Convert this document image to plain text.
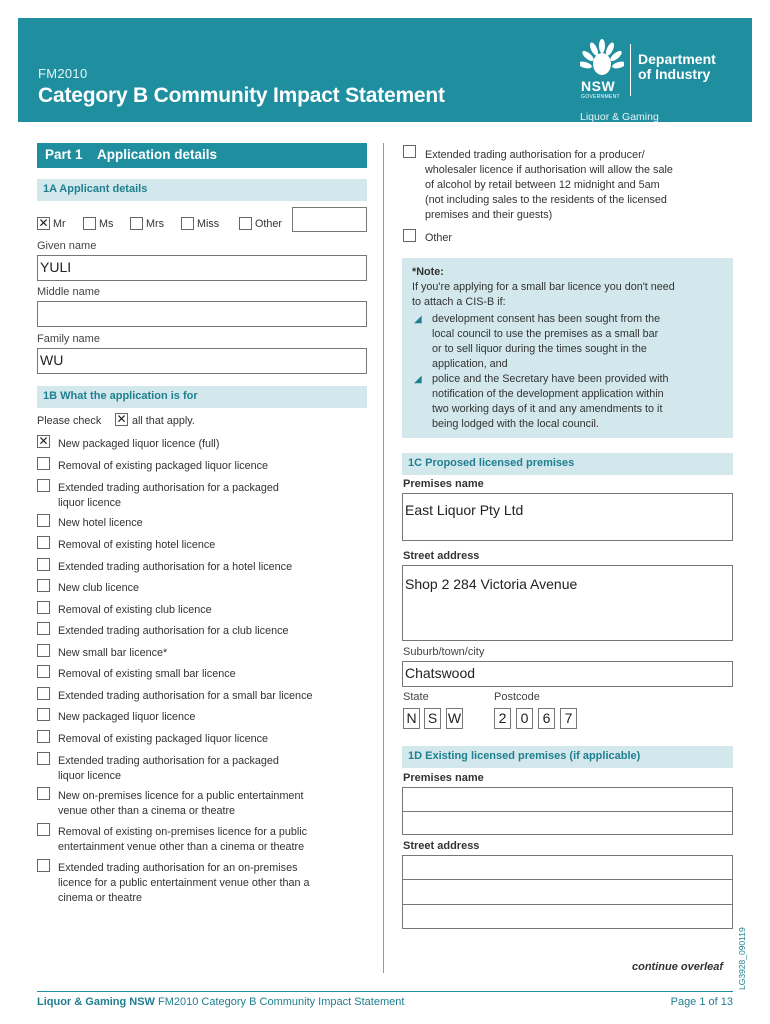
FM2010
Category B Community Impact Statement	NSW
GOVERNMENT
Department
of Industry
Liquor & Gaming
Part 1    Application details
1A Applicant details
✕ Mr	Ms	Mrs	Miss	Other
Given name
YULI
Middle name
Family name
WU
1B What the application is for
Please check ✕ all that apply.
✕ New packaged liquor licence (full)
Removal of existing packaged liquor licence
Extended trading authorisation for a packaged
liquor licence
New hotel licence
Removal of existing hotel licence
Extended trading authorisation for a hotel licence
New club licence
Removal of existing club licence
Extended trading authorisation for a club licence
New small bar licence*
Removal of existing small bar licence
Extended trading authorisation for a small bar licence
New packaged liquor licence
Removal of existing packaged liquor licence
Extended trading authorisation for a packaged
liquor licence
New on-premises licence for a public entertainment
venue other than a cinema or theatre
Removal of existing on-premises licence for a public
entertainment venue other than a cinema or theatre
Extended trading authorisation for an on-premises
licence for a public entertainment venue other than a
cinema or theatre
Extended trading authorisation for a producer/
wholesaler licence if authorisation will allow the sale
of alcohol by retail between 12 midnight and 5am
(not including sales to the residents of the licensed
premises and their guests)
Other
*Note:
If you're applying for a small bar licence you don't need
to attach a CIS-B if:
◢ development consent has been sought from the
local council to use the premises as a small bar
or to sell liquor during the times sought in the
application, and
◢ police and the Secretary have been provided with
notification of the development application within
two working days of it and any amendments to it
being lodged with the local council.
1C Proposed licensed premises
Premises name
East Liquor Pty Ltd
Street address
Shop 2 284 Victoria Avenue
Suburb/town/city
Chatswood
State	Postcode
N S W	2	0	6	7
1D Existing licensed premises (if applicable)
Premises name
Street address
continue overleaf LG3928_090119
Liquor & Gaming NSW FM2010 Category B Community Impact Statement	Page 1 of 13
